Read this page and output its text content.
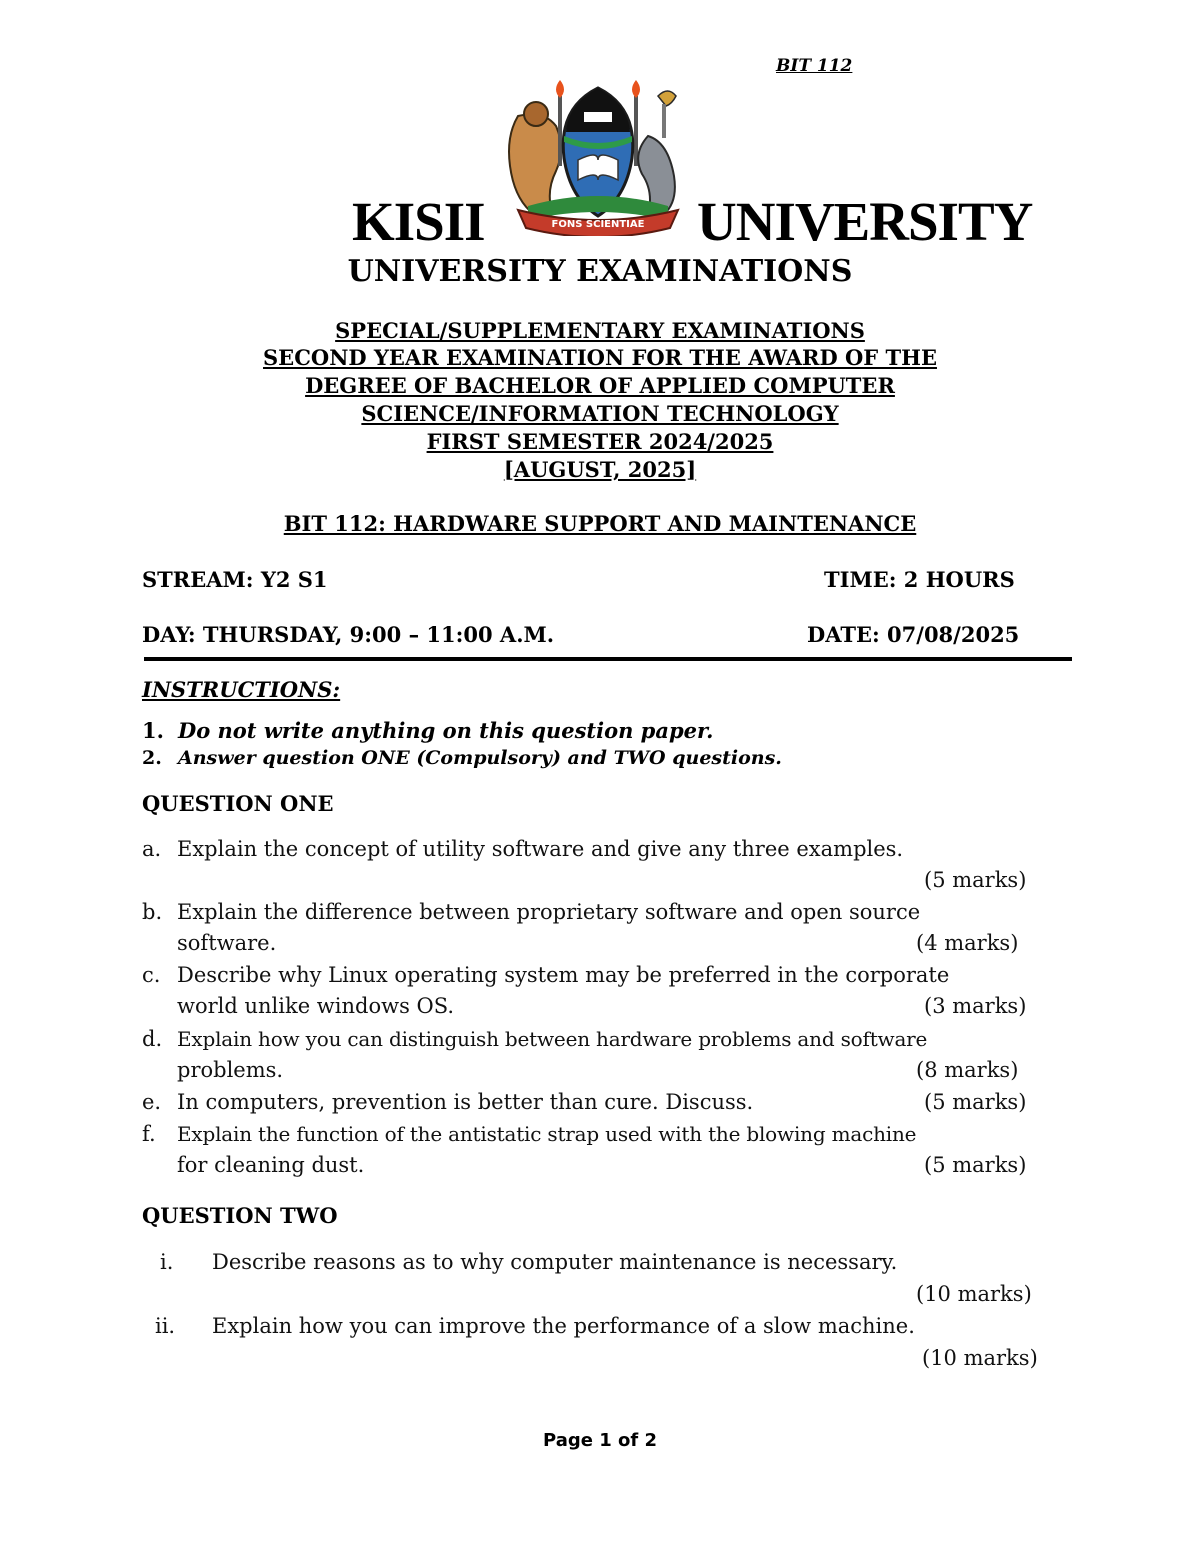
BIT 112
FONS SCIENTIAE
KISII	UNIVERSITY
UNIVERSITY EXAMINATIONS
SPECIAL/SUPPLEMENTARY EXAMINATIONS
SECOND YEAR EXAMINATION FOR THE AWARD OF THE
DEGREE OF BACHELOR OF APPLIED COMPUTER
SCIENCE/INFORMATION TECHNOLOGY
FIRST SEMESTER 2024/2025
[AUGUST, 2025]
BIT 112: HARDWARE SUPPORT AND MAINTENANCE
STREAM: Y2 S1	TIME: 2 HOURS
DAY: THURSDAY, 9:00 – 11:00 A.M.	DATE: 07/08/2025
INSTRUCTIONS:
1. Do not write anything on this question paper.
2. Answer question ONE (Compulsory) and TWO questions.
QUESTION ONE
a. Explain the concept of utility software and give any three examples.
(5 marks)
b. Explain the difference between proprietary software and open source
software.	(4 marks)
c. Describe why Linux operating system may be preferred in the corporate
world unlike windows OS.	(3 marks)
d. Explain how you can distinguish between hardware problems and software
problems.	(8 marks)
e. In computers, prevention is better than cure. Discuss.	(5 marks)
f. Explain the function of the antistatic strap used with the blowing machine
for cleaning dust.	(5 marks)
QUESTION TWO
i. Describe reasons as to why computer maintenance is necessary.
(10 marks)
ii. Explain how you can improve the performance of a slow machine.
(10 marks)
Page 1 of 2
